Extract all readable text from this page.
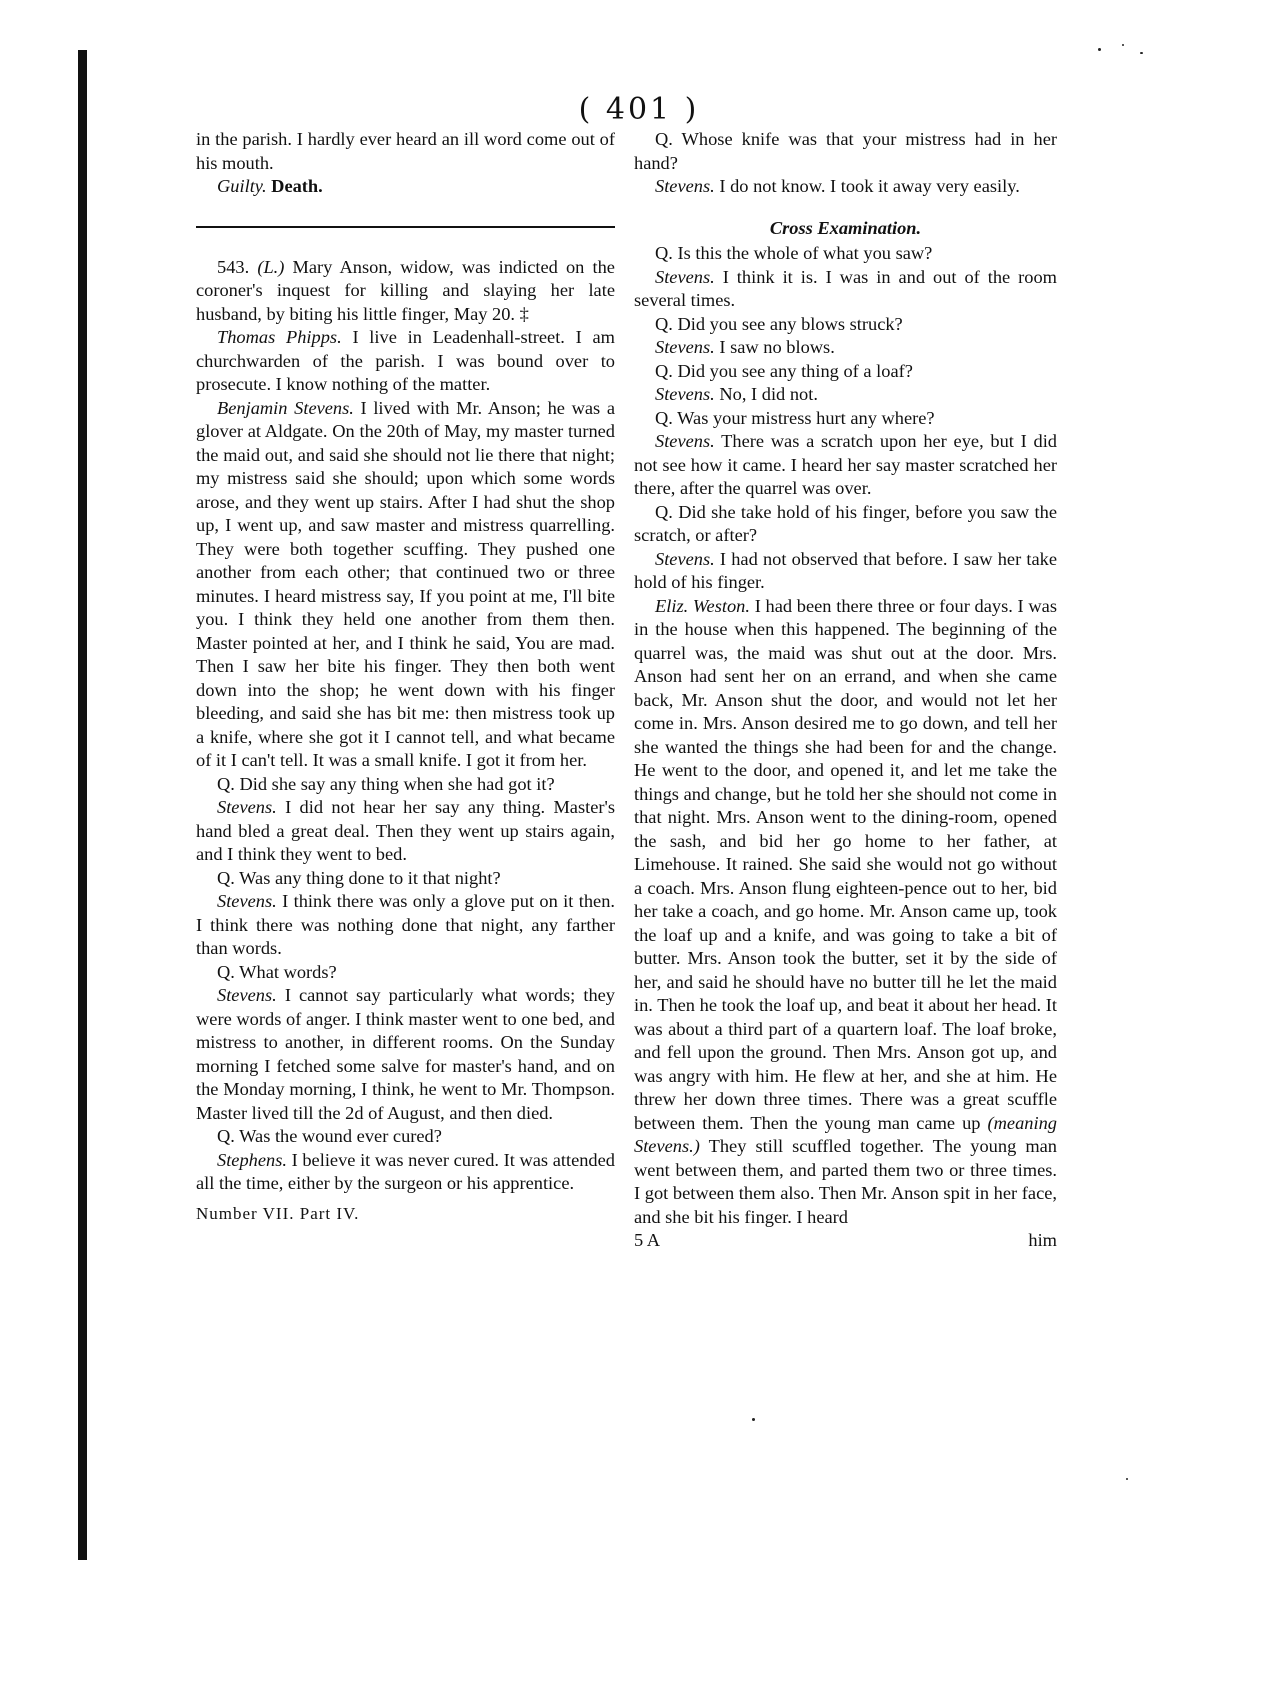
( 401 )

in the parish. I hardly ever heard an ill word come out of his mouth.

Guilty. Death.

543. (L.) Mary Anson, widow, was indicted on the coroner's inquest for killing and slaying her late husband, by biting his little finger, May 20. ‡

Thomas Phipps. I live in Leadenhall-street. I am churchwarden of the parish. I was bound over to prosecute. I know nothing of the matter.

Benjamin Stevens. I lived with Mr. Anson; he was a glover at Aldgate. On the 20th of May, my master turned the maid out, and said she should not lie there that night; my mistress said she should; upon which some words arose, and they went up stairs. After I had shut the shop up, I went up, and saw master and mistress quarrelling. They were both together scuffing. They pushed one another from each other; that continued two or three minutes. I heard mistress say, If you point at me, I'll bite you. I think they held one another from them then. Master pointed at her, and I think he said, You are mad. Then I saw her bite his finger. They then both went down into the shop; he went down with his finger bleeding, and said she has bit me: then mistress took up a knife, where she got it I cannot tell, and what became of it I can't tell. It was a small knife. I got it from her.

Q. Did she say any thing when she had got it?

Stevens. I did not hear her say any thing. Master's hand bled a great deal. Then they went up stairs again, and I think they went to bed.

Q. Was any thing done to it that night?

Stevens. I think there was only a glove put on it then. I think there was nothing done that night, any farther than words.

Q. What words?

Stevens. I cannot say particularly what words; they were words of anger. I think master went to one bed, and mistress to another, in different rooms. On the Sunday morning I fetched some salve for master's hand, and on the Monday morning, I think, he went to Mr. Thompson. Master lived till the 2d of August, and then died.

Q. Was the wound ever cured?

Stephens. I believe it was never cured. It was attended all the time, either by the surgeon or his apprentice.

Number VII. Part IV.

Q. Whose knife was that your mistress had in her hand?

Stevens. I do not know. I took it away very easily.

Cross Examination.

Q. Is this the whole of what you saw?

Stevens. I think it is. I was in and out of the room several times.

Q. Did you see any blows struck?

Stevens. I saw no blows.

Q. Did you see any thing of a loaf?

Stevens. No, I did not.

Q. Was your mistress hurt any where?

Stevens. There was a scratch upon her eye, but I did not see how it came. I heard her say master scratched her there, after the quarrel was over.

Q. Did she take hold of his finger, before you saw the scratch, or after?

Stevens. I had not observed that before. I saw her take hold of his finger.

Eliz. Weston. I had been there three or four days. I was in the house when this happened. The beginning of the quarrel was, the maid was shut out at the door. Mrs. Anson had sent her on an errand, and when she came back, Mr. Anson shut the door, and would not let her come in. Mrs. Anson desired me to go down, and tell her she wanted the things she had been for and the change. He went to the door, and opened it, and let me take the things and change, but he told her she should not come in that night. Mrs. Anson went to the dining-room, opened the sash, and bid her go home to her father, at Limehouse. It rained. She said she would not go without a coach. Mrs. Anson flung eighteen-pence out to her, bid her take a coach, and go home. Mr. Anson came up, took the loaf up and a knife, and was going to take a bit of butter. Mrs. Anson took the butter, set it by the side of her, and said he should have no butter till he let the maid in. Then he took the loaf up, and beat it about her head. It was about a third part of a quartern loaf. The loaf broke, and fell upon the ground. Then Mrs. Anson got up, and was angry with him. He flew at her, and she at him. He threw her down three times. There was a great scuffle between them. Then the young man came up (meaning Stevens.) They still scuffled together. The young man went between them, and parted them two or three times. I got between them also. Then Mr. Anson spit in her face, and she bit his finger. I heard

5 A	him
